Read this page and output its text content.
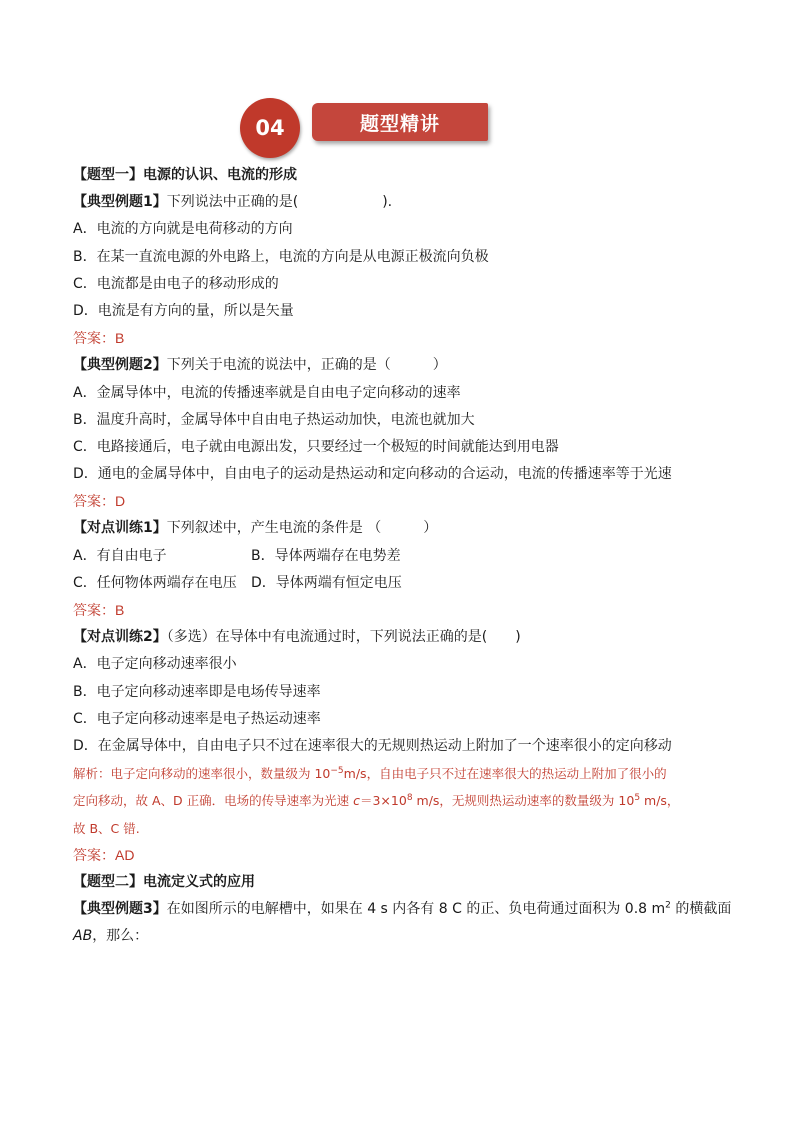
04	题型精讲
【题型一】电源的认识、电流的形成
【典型例题1】下列说法中正确的是(　　　　　　).
A．电流的方向就是电荷移动的方向
B．在某一直流电源的外电路上，电流的方向是从电源正极流向负极
C．电流都是由电子的移动形成的
D．电流是有方向的量，所以是矢量
答案：B
【典型例题2】下列关于电流的说法中，正确的是（　　　）
A．金属导体中，电流的传播速率就是自由电子定向移动的速率
B．温度升高时，金属导体中自由电子热运动加快，电流也就加大
C．电路接通后，电子就由电源出发，只要经过一个极短的时间就能达到用电器
D．通电的金属导体中，自由电子的运动是热运动和定向移动的合运动，电流的传播速率等于光速
答案：D
【对点训练1】下列叙述中，产生电流的条件是 （　　　）
A．有自由电子	B．导体两端存在电势差
C．任何物体两端存在电压 D．导体两端有恒定电压
答案：B
【对点训练2】（多选）在导体中有电流通过时，下列说法正确的是(　　)
A．电子定向移动速率很小
B．电子定向移动速率即是电场传导速率
C．电子定向移动速率是电子热运动速率
D．在金属导体中，自由电子只不过在速率很大的无规则热运动上附加了一个速率很小的定向移动
解析：电子定向移动的速率很小，数量级为 $10^{-5}m/s$，自由电子只不过在速率很大的热运动上附加了很小的
定向移动，故 A、D 正确．电场的传导速率为光速 $c=3\times 10^8$ m/s，无规则热运动速率的数量级为 $10^5$ m/s，
故 B、C 错.
答案：AD
【题型二】电流定义式的应用
【典型例题3】在如图所示的电解槽中，如果在 4 s 内各有 8 C 的正、负电荷通过面积为 0.8 $m^2$ 的横截面
AB，那么：
